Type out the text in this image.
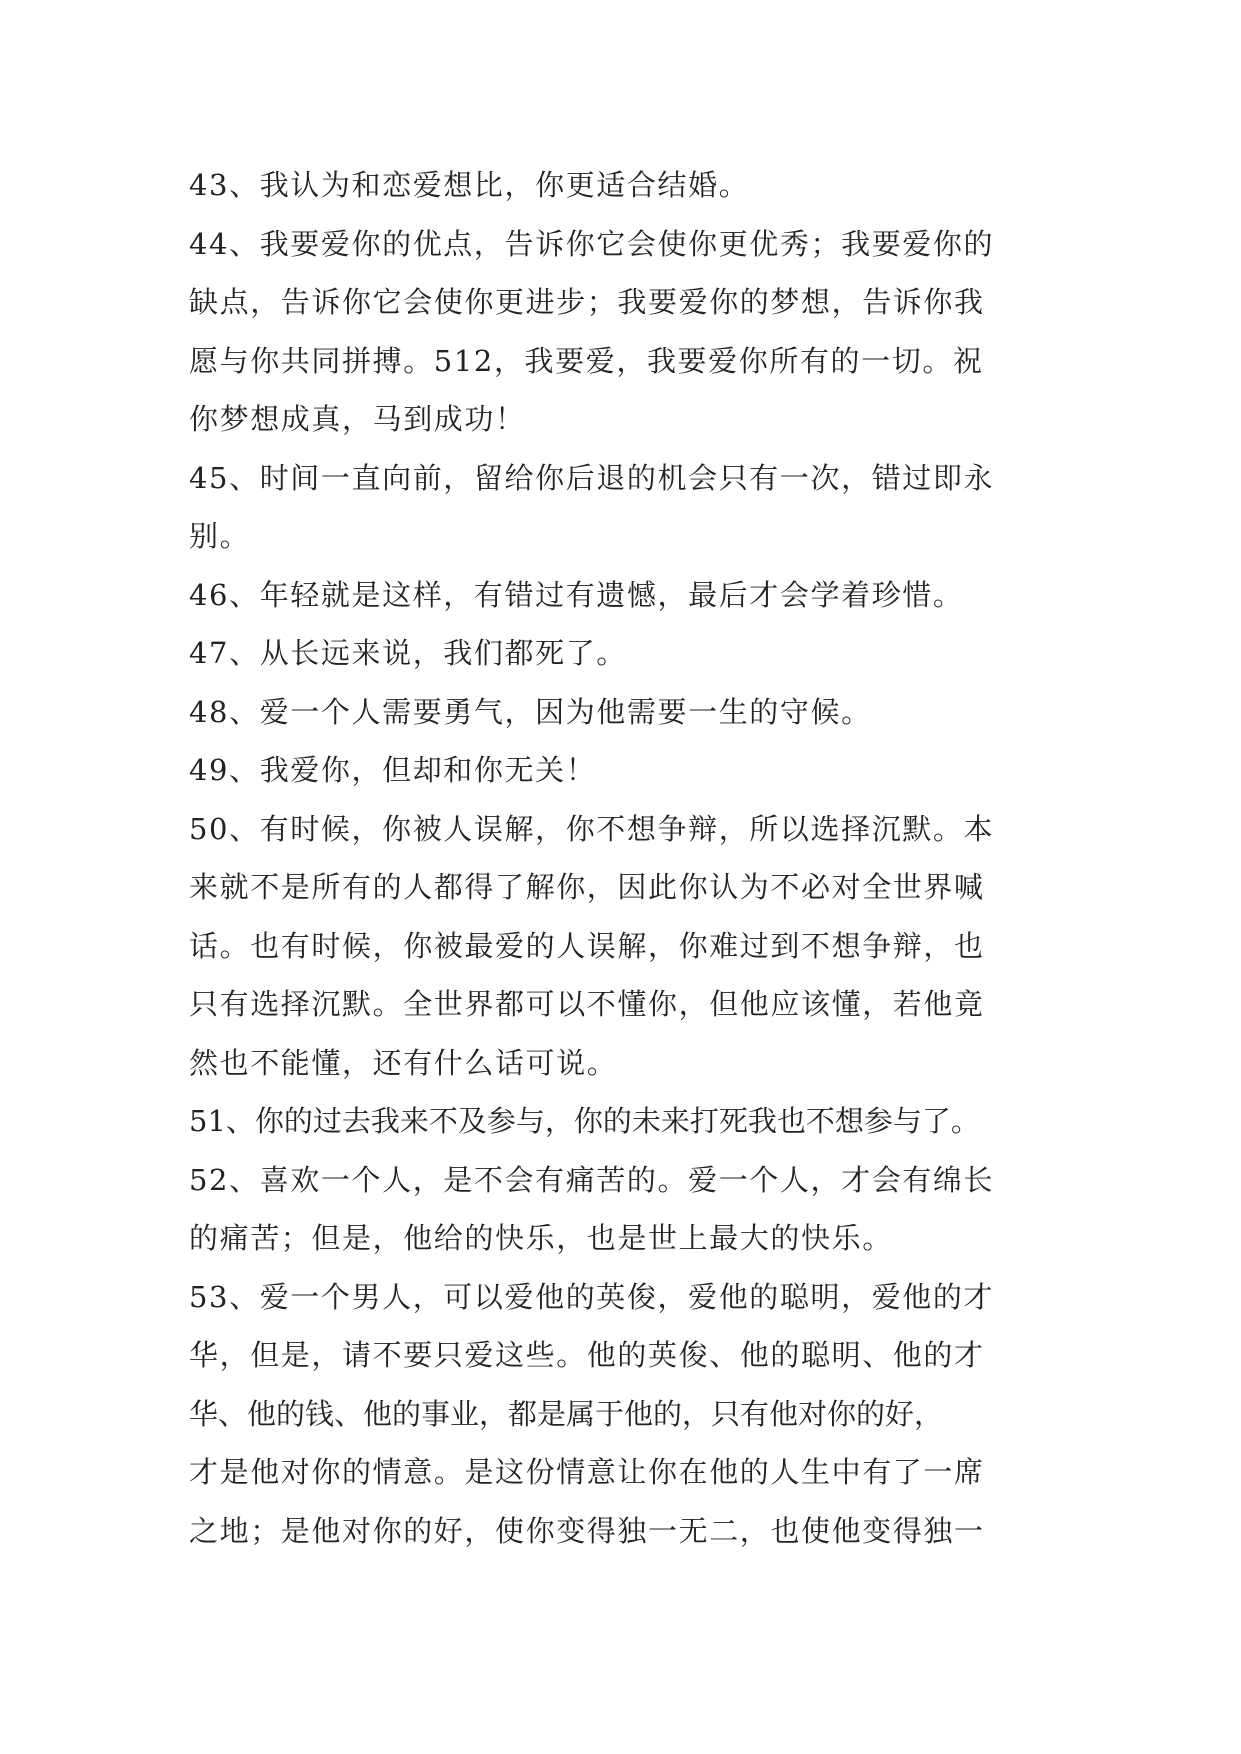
43、我认为和恋爱想比，你更适合结婚。
44、我要爱你的优点，告诉你它会使你更优秀；我要爱你的
缺点，告诉你它会使你更进步；我要爱你的梦想，告诉你我
愿与你共同拼搏。512，我要爱，我要爱你所有的一切。祝
你梦想成真，马到成功！
45、时间一直向前，留给你后退的机会只有一次，错过即永
别。
46、年轻就是这样，有错过有遗憾，最后才会学着珍惜。
47、从长远来说，我们都死了。
48、爱一个人需要勇气，因为他需要一生的守候。
49、我爱你，但却和你无关！
50、有时候，你被人误解，你不想争辩，所以选择沉默。本
来就不是所有的人都得了解你，因此你认为不必对全世界喊
话。也有时候，你被最爱的人误解，你难过到不想争辩，也
只有选择沉默。全世界都可以不懂你，但他应该懂，若他竟
然也不能懂，还有什么话可说。
51、你的过去我来不及参与，你的未来打死我也不想参与了。
52、喜欢一个人，是不会有痛苦的。爱一个人，才会有绵长
的痛苦；但是，他给的快乐，也是世上最大的快乐。
53、爱一个男人，可以爱他的英俊，爱他的聪明，爱他的才
华，但是，请不要只爱这些。他的英俊、他的聪明、他的才
华、他的钱、他的事业，都是属于他的，只有他对你的好，
才是他对你的情意。是这份情意让你在他的人生中有了一席
之地；是他对你的好，使你变得独一无二，也使他变得独一
